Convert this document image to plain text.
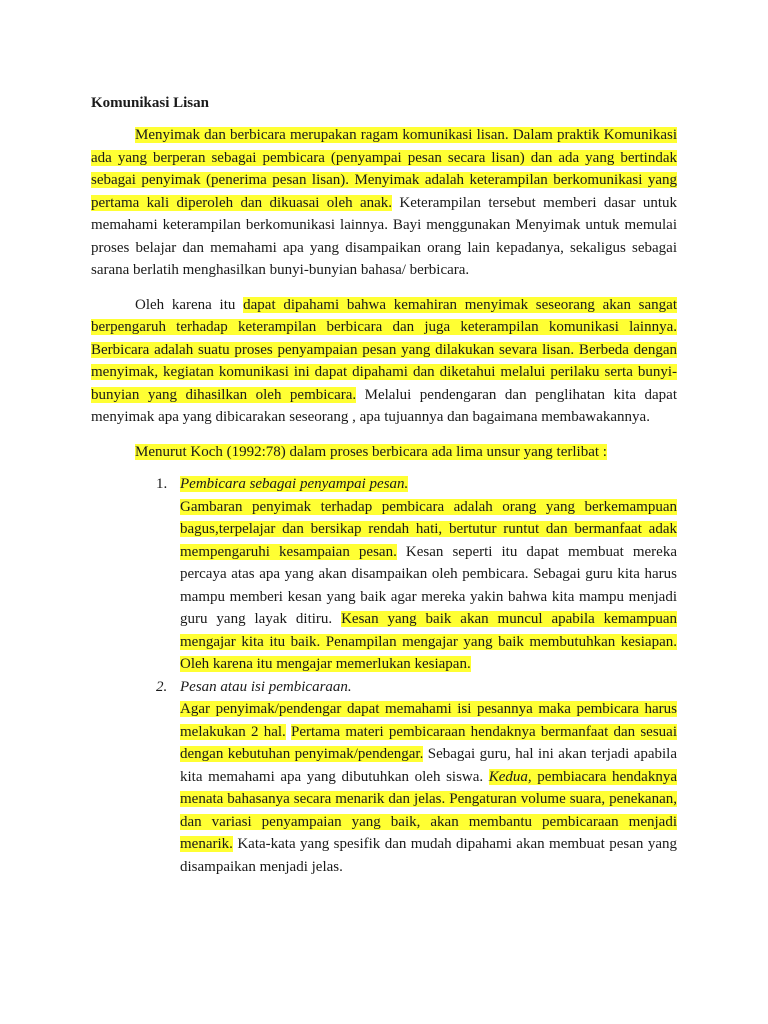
Komunikasi Lisan

Menyimak dan berbicara merupakan ragam komunikasi lisan. Dalam praktik Komunikasi ada yang berperan sebagai pembicara (penyampai pesan secara lisan) dan ada yang bertindak sebagai penyimak (penerima pesan lisan). Menyimak adalah keterampilan berkomunikasi yang pertama kali diperoleh dan dikuasai oleh anak. Keterampilan tersebut memberi dasar untuk memahami keterampilan berkomunikasi lainnya. Bayi menggunakan Menyimak untuk memulai proses belajar dan memahami apa yang disampaikan orang lain kepadanya, sekaligus sebagai sarana berlatih menghasilkan bunyi-bunyian bahasa/ berbicara.

Oleh karena itu dapat dipahami bahwa kemahiran menyimak seseorang akan sangat berpengaruh terhadap keterampilan berbicara dan juga keterampilan komunikasi lainnya. Berbicara adalah suatu proses penyampaian pesan yang dilakukan sevara lisan. Berbeda dengan menyimak, kegiatan komunikasi ini dapat dipahami dan diketahui melalui perilaku serta bunyi-bunyian yang dihasilkan oleh pembicara. Melalui pendengaran dan penglihatan kita dapat menyimak apa yang dibicarakan seseorang , apa tujuannya dan bagaimana membawakannya.

Menurut Koch (1992:78) dalam proses berbicara ada lima unsur yang terlibat :
1. Pembicara sebagai penyampai pesan.
Gambaran penyimak terhadap pembicara adalah orang yang berkemampuan bagus,terpelajar dan bersikap rendah hati, bertutur runtut dan bermanfaat adak mempengaruhi kesampaian pesan. Kesan seperti itu dapat membuat mereka percaya atas apa yang akan disampaikan oleh pembicara. Sebagai guru kita harus mampu memberi kesan yang baik agar mereka yakin bahwa kita mampu menjadi guru yang layak ditiru. Kesan yang baik akan muncul apabila kemampuan mengajar kita itu baik. Penampilan mengajar yang baik membutuhkan kesiapan. Oleh karena itu mengajar memerlukan kesiapan.
2. Pesan atau isi pembicaraan.
Agar penyimak/pendengar dapat memahami isi pesannya maka pembicara harus melakukan 2 hal. Pertama materi pembicaraan hendaknya bermanfaat dan sesuai dengan kebutuhan penyimak/pendengar. Sebagai guru, hal ini akan terjadi apabila kita memahami apa yang dibutuhkan oleh siswa. Kedua, pembiacara hendaknya menata bahasanya secara menarik dan jelas. Pengaturan volume suara, penekanan, dan variasi penyampaian yang baik, akan membantu pembicaraan menjadi menarik. Kata-kata yang spesifik dan mudah dipahami akan membuat pesan yang disampaikan menjadi jelas.
